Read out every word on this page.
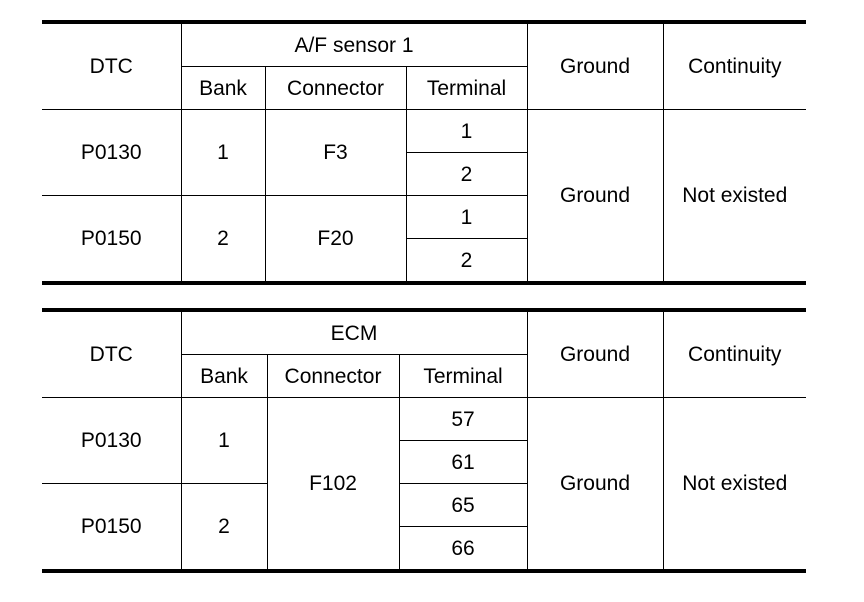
DTC	A/F sensor 1			Ground	Continuity
	Bank	Connector	Terminal		
P0130	1	F3	1	Ground	Not existed
			2		
P0150	2	F20	1		
			2		
DTC	ECM			Ground	Continuity
	Bank	Connector	Terminal		
P0130	1	F102	57	Ground	Not existed
			61		
P0150	2		65		
			66		
